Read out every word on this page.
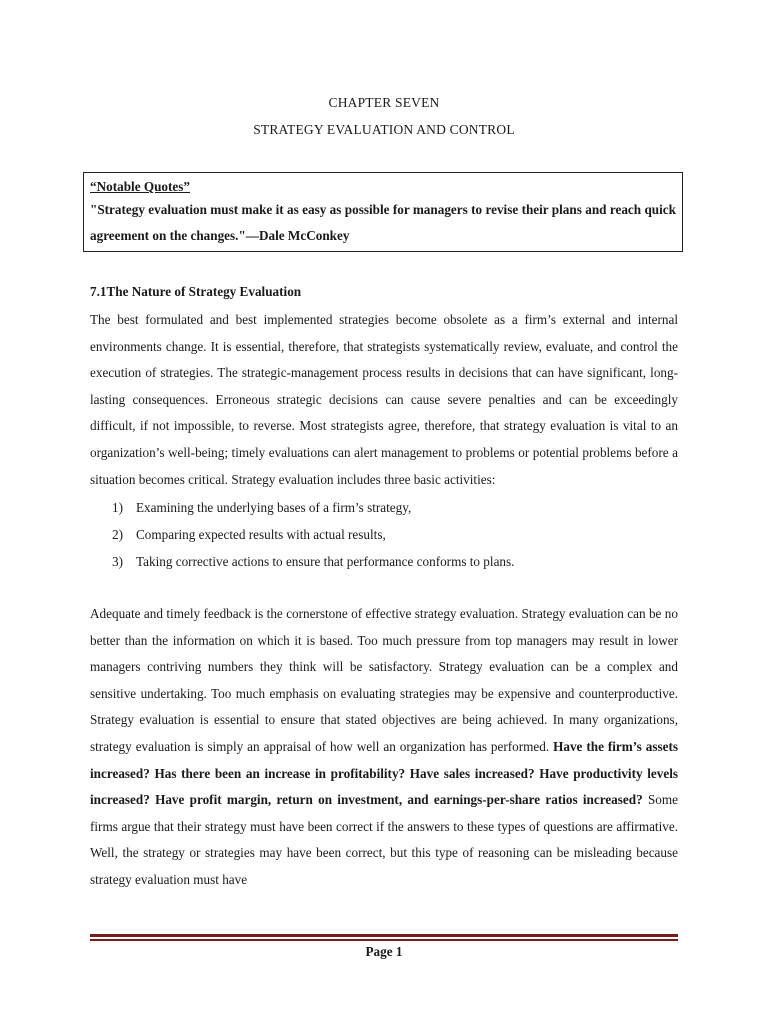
CHAPTER SEVEN
STRATEGY EVALUATION AND CONTROL
“Notable Quotes”
"Strategy evaluation must make it as easy as possible for managers to revise their plans and reach quick agreement on the changes."—Dale McConkey
7.1The Nature of Strategy Evaluation
The best formulated and best implemented strategies become obsolete as a firm’s external and internal environments change. It is essential, therefore, that strategists systematically review, evaluate, and control the execution of strategies. The strategic-management process results in decisions that can have significant, long-lasting consequences. Erroneous strategic decisions can cause severe penalties and can be exceedingly difficult, if not impossible, to reverse. Most strategists agree, therefore, that strategy evaluation is vital to an organization’s well-being; timely evaluations can alert management to problems or potential problems before a situation becomes critical. Strategy evaluation includes three basic activities:
1) Examining the underlying bases of a firm’s strategy,
2) Comparing expected results with actual results,
3) Taking corrective actions to ensure that performance conforms to plans.
Adequate and timely feedback is the cornerstone of effective strategy evaluation. Strategy evaluation can be no better than the information on which it is based. Too much pressure from top managers may result in lower managers contriving numbers they think will be satisfactory. Strategy evaluation can be a complex and sensitive undertaking. Too much emphasis on evaluating strategies may be expensive and counterproductive. Strategy evaluation is essential to ensure that stated objectives are being achieved. In many organizations, strategy evaluation is simply an appraisal of how well an organization has performed. Have the firm’s assets increased? Has there been an increase in profitability? Have sales increased? Have productivity levels increased? Have profit margin, return on investment, and earnings-per-share ratios increased? Some firms argue that their strategy must have been correct if the answers to these types of questions are affirmative. Well, the strategy or strategies may have been correct, but this type of reasoning can be misleading because strategy evaluation must have
Page 1
